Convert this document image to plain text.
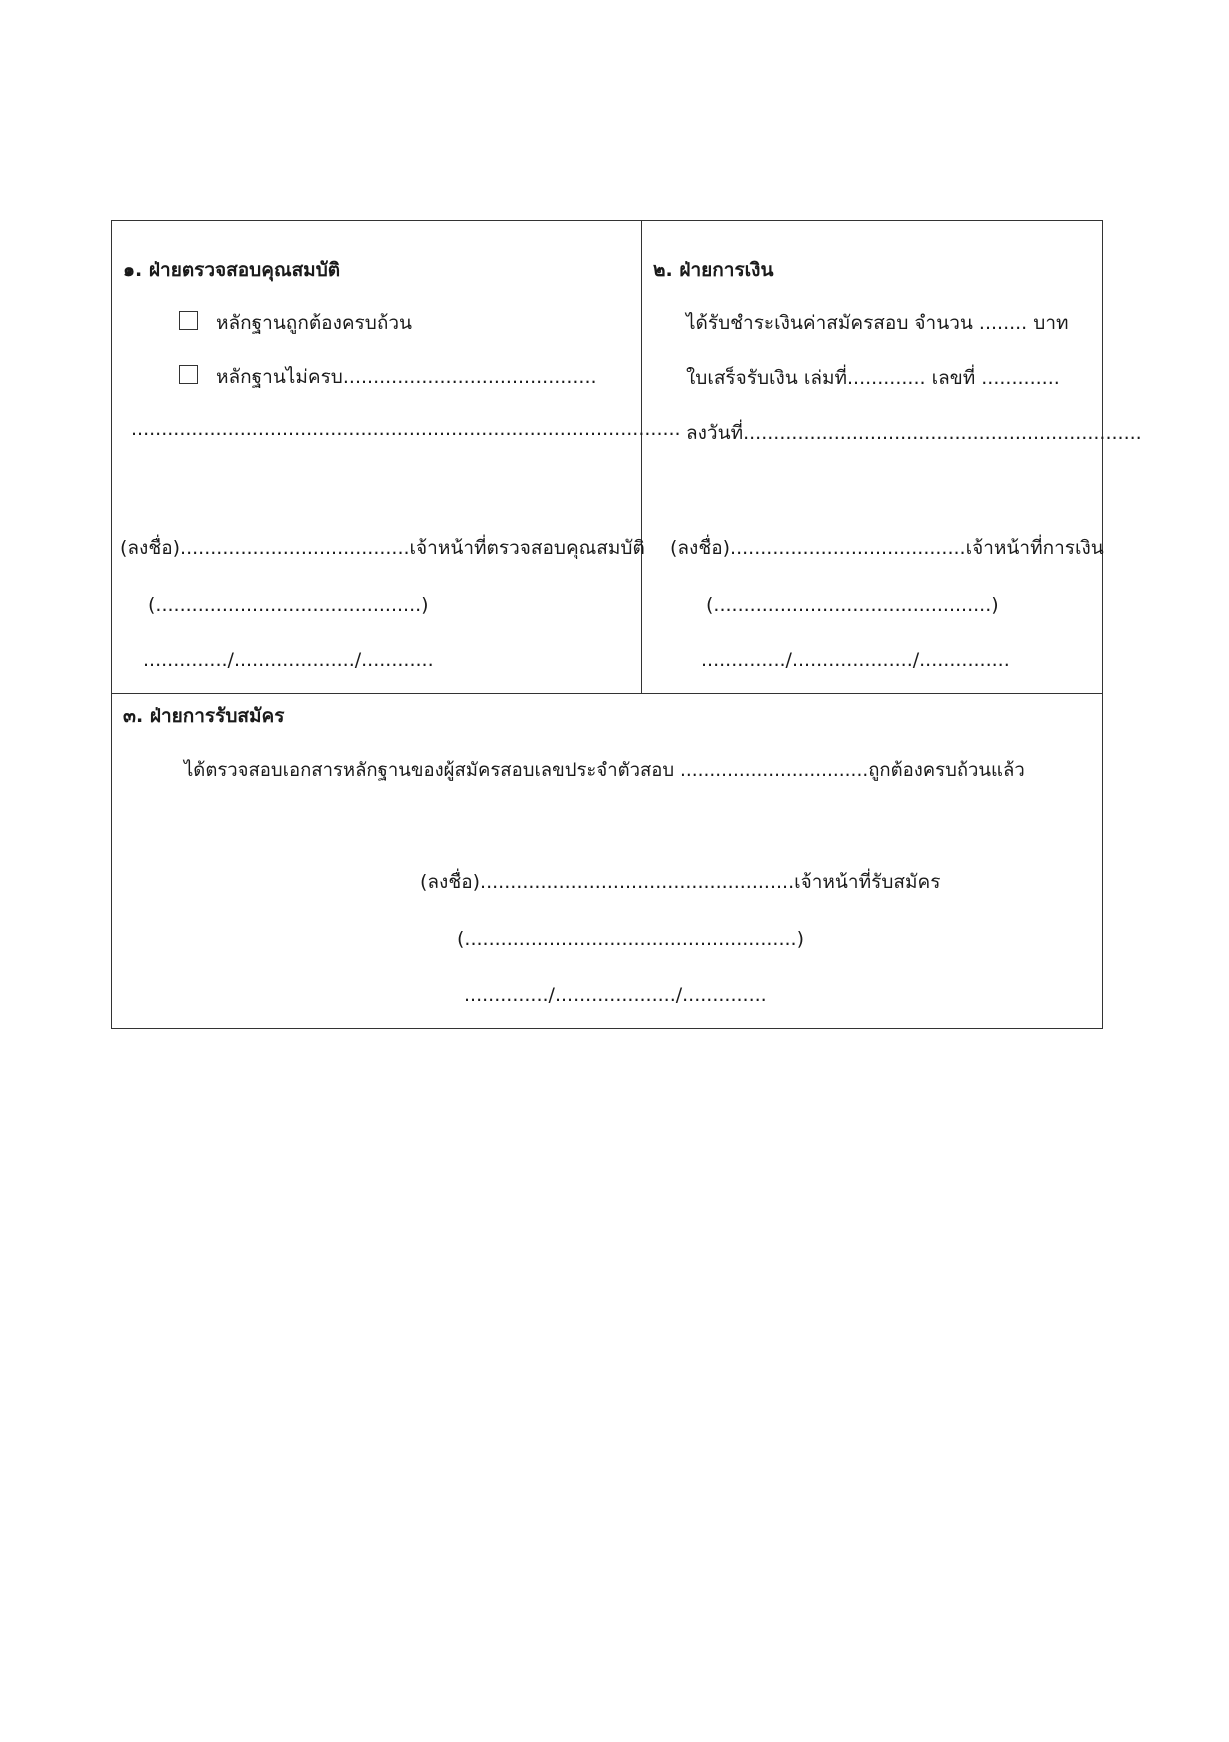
๑. ฝ่ายตรวจสอบคุณสมบัติ
หลักฐานถูกต้องครบถ้วน
หลักฐานไม่ครบ..........................................
...........................................................................................
(ลงชื่อ)......................................เจ้าหน้าที่ตรวจสอบคุณสมบัติ
(............................................)
............../..................../............
๒. ฝ่ายการเงิน
ได้รับชำระเงินค่าสมัครสอบ จำนวน ........ บาท
ใบเสร็จรับเงิน เล่มที่............. เลขที่ .............
ลงวันที่..................................................................
(ลงชื่อ).......................................เจ้าหน้าที่การเงิน
(..............................................)
............../..................../...............
๓. ฝ่ายการรับสมัคร
ได้ตรวจสอบเอกสารหลักฐานของผู้สมัครสอบเลขประจำตัวสอบ ................................ถูกต้องครบถ้วนแล้ว
(ลงชื่อ)....................................................เจ้าหน้าที่รับสมัคร
(.......................................................)
............../..................../..............
